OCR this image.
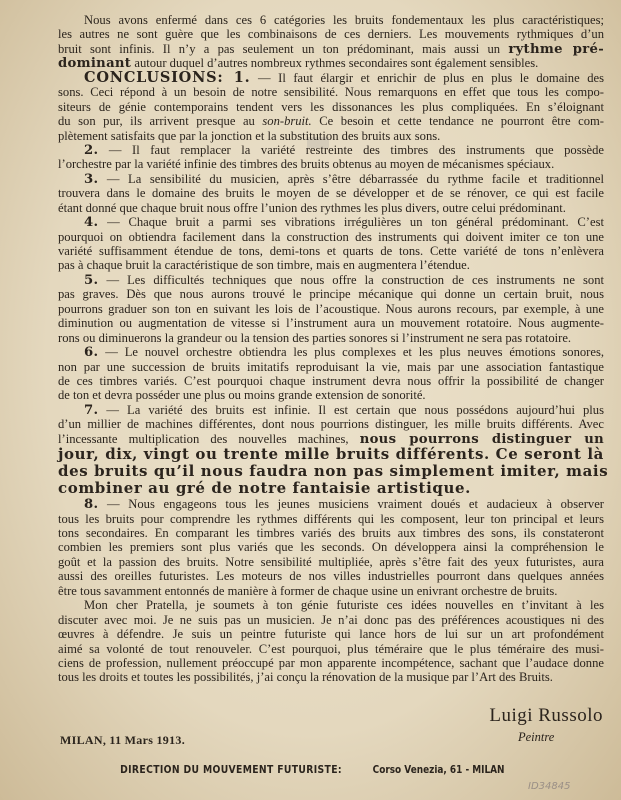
Nous avons enfermé dans ces 6 catégories les bruits fondementaux les plus caractéristiques;
les autres ne sont guère que les combinaisons de ces derniers. Les mouvements rythmiques d’un
bruit sont infinis. Il n’y a pas seulement un ton prédominant, mais aussi un rythme pré-
dominant autour duquel d’autres nombreux rythmes secondaires sont également sensibles.
CONCLUSIONS: 1. — Il faut élargir et enrichir de plus en plus le domaine des
sons. Ceci répond à un besoin de notre sensibilité. Nous remarquons en effet que tous les compo-
siteurs de génie contemporains tendent vers les dissonances les plus compliquées. En s’éloignant
du son pur, ils arrivent presque au son-bruit. Ce besoin et cette tendance ne pourront être com-
plètement satisfaits que par la jonction et la substitution des bruits aux sons.
2. — Il faut remplacer la variété restreinte des timbres des instruments que possède
l’orchestre par la variété infinie des timbres des bruits obtenus au moyen de mécanismes spéciaux.
3. — La sensibilité du musicien, après s’être débarrassée du rythme facile et traditionnel
trouvera dans le domaine des bruits le moyen de se développer et de se rénover, ce qui est facile
étant donné que chaque bruit nous offre l’union des rythmes les plus divers, outre celui prédominant.
4. — Chaque bruit a parmi ses vibrations irrégulières un ton général prédominant. C’est
pourquoi on obtiendra facilement dans la construction des instruments qui doivent imiter ce ton une
variété suffisamment étendue de tons, demi-tons et quarts de tons. Cette variété de tons n’enlèvera
pas à chaque bruit la caractéristique de son timbre, mais en augmentera l’étendue.
5. — Les difficultés techniques que nous offre la construction de ces instruments ne sont
pas graves. Dès que nous aurons trouvé le principe mécanique qui donne un certain bruit, nous
pourrons graduer son ton en suivant les lois de l’acoustique. Nous aurons recours, par exemple, à une
diminution ou augmentation de vitesse si l’instrument aura un mouvement rotatoire. Nous augmente-
rons ou diminuerons la grandeur ou la tension des parties sonores si l’instrument ne sera pas rotatoire.
6. — Le nouvel orchestre obtiendra les plus complexes et les plus neuves émotions sonores,
non par une succession de bruits imitatifs reproduisant la vie, mais par une association fantastique
de ces timbres variés. C’est pourquoi chaque instrument devra nous offrir la possibilité de changer
de ton et devra posséder une plus ou moins grande extension de sonorité.
7. — La variété des bruits est infinie. Il est certain que nous possédons aujourd’hui plus
d’un millier de machines différentes, dont nous pourrions distinguer, les mille bruits différents. Avec
l’incessante multiplication des nouvelles machines, nous pourrons distinguer un
jour, dix, vingt ou trente mille bruits différents. Ce seront là
des bruits qu’il nous faudra non pas simplement imiter, mais
combiner au gré de notre fantaisie artistique.
8. — Nous engageons tous les jeunes musiciens vraiment doués et audacieux à observer
tous les bruits pour comprendre les rythmes différents qui les composent, leur ton principal et leurs
tons secondaires. En comparant les timbres variés des bruits aux timbres des sons, ils constateront
combien les premiers sont plus variés que les seconds. On développera ainsi la compréhension le
goût et la passion des bruits. Notre sensibilité multipliée, après s’être fait des yeux futuristes, aura
aussi des oreilles futuristes. Les moteurs de nos villes industrielles pourront dans quelques années
être tous savamment entonnés de manière à former de chaque usine un enivrant orchestre de bruits.
Mon cher Pratella, je soumets à ton génie futuriste ces idées nouvelles en t’invitant à les
discuter avec moi. Je ne suis pas un musicien. Je n’ai donc pas des préférences acoustiques ni des
œuvres à défendre. Je suis un peintre futuriste qui lance hors de lui sur un art profondément
aimé sa volonté de tout renouveler. C’est pourquoi, plus téméraire que le plus téméraire des musi-
ciens de profession, nullement préoccupé par mon apparente incompétence, sachant que l’audace donne
tous les droits et toutes les possibilités, j’ai conçu la rénovation de la musique par l’Art des Bruits.
Luigi Russolo
Peintre
MILAN, 11 Mars 1913.
DIRECTION DU MOUVEMENT FUTURISTE:	Corso Venezia, 61 - MILAN
ID34845
